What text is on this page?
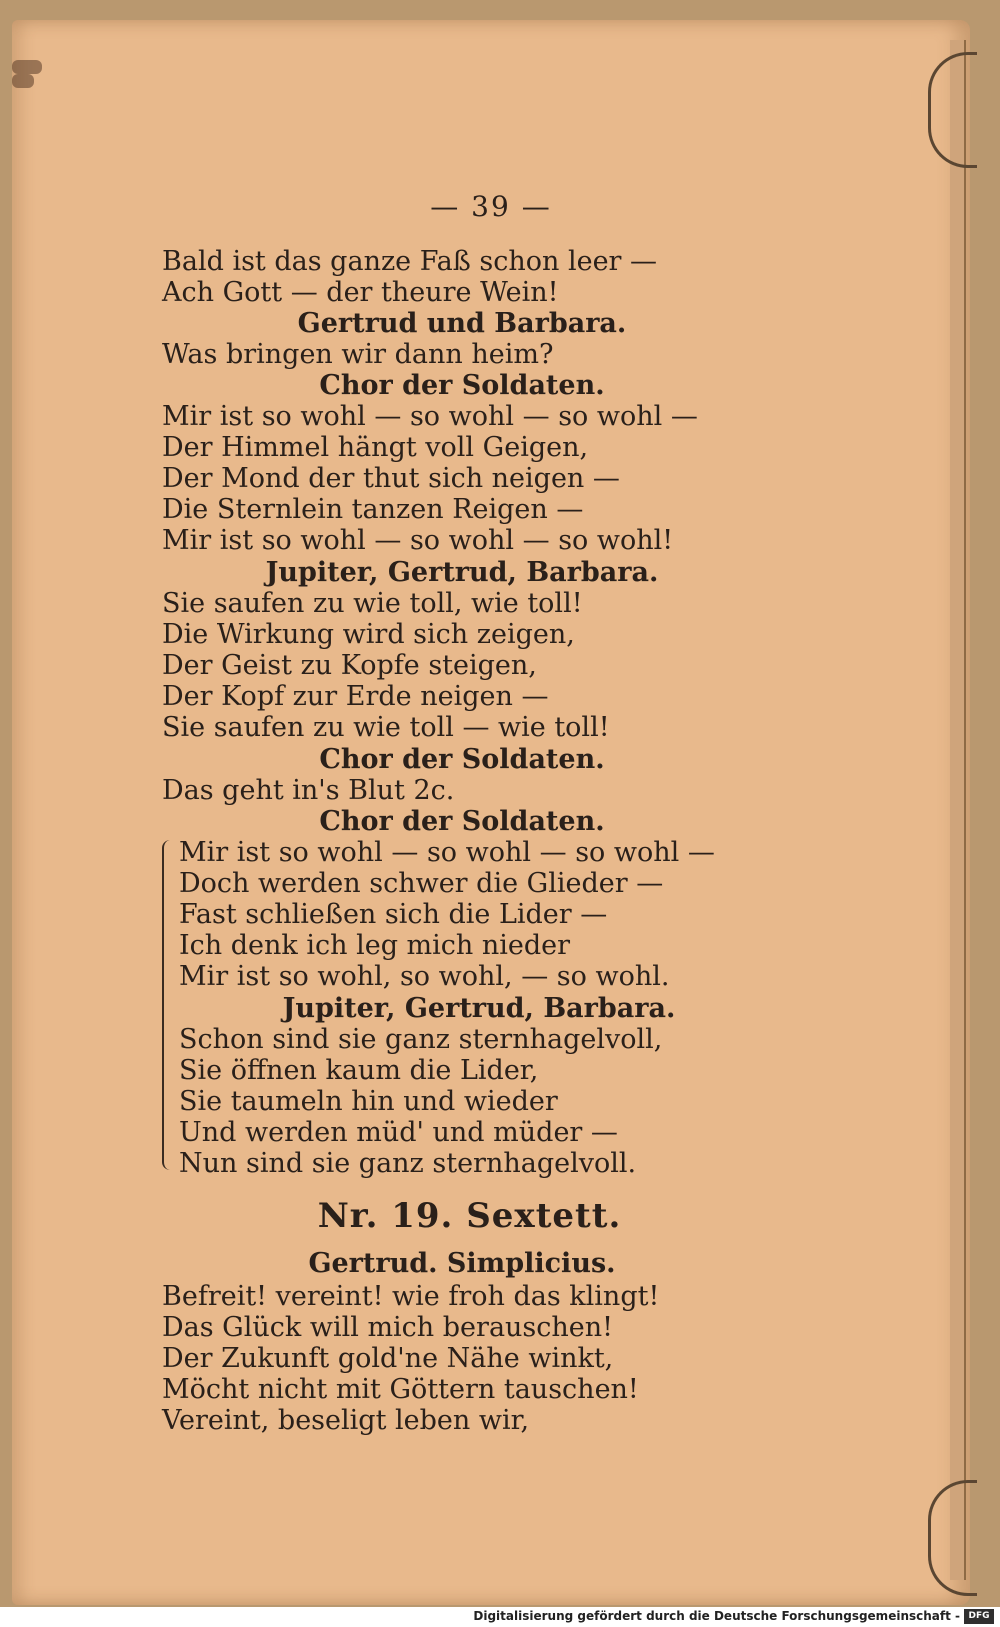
— 39 —
Bald ist das ganze Faß schon leer —
Ach Gott — der theure Wein!
Gertrud und Barbara.
Was bringen wir dann heim?
Chor der Soldaten.
Mir ist so wohl — so wohl — so wohl —
Der Himmel hängt voll Geigen,
Der Mond der thut sich neigen —
Die Sternlein tanzen Reigen —
Mir ist so wohl — so wohl — so wohl!
Jupiter, Gertrud, Barbara.
Sie saufen zu wie toll, wie toll!
Die Wirkung wird sich zeigen,
Der Geist zu Kopfe steigen,
Der Kopf zur Erde neigen —
Sie saufen zu wie toll — wie toll!
Chor der Soldaten.
Das geht in's Blut 2c.
Chor der Soldaten.
Mir ist so wohl — so wohl — so wohl —
Doch werden schwer die Glieder —
Fast schließen sich die Lider —
Ich denk ich leg mich nieder
Mir ist so wohl, so wohl, — so wohl.
Jupiter, Gertrud, Barbara.
Schon sind sie ganz sternhagelvoll,
Sie öffnen kaum die Lider,
Sie taumeln hin und wieder
Und werden müd' und müder —
Nun sind sie ganz sternhagelvoll.
Nr. 19. Sextett.
Gertrud. Simplicius.
Befreit! vereint! wie froh das klingt!
Das Glück will mich berauschen!
Der Zukunft gold'ne Nähe winkt,
Möcht nicht mit Göttern tauschen!
Vereint, beseligt leben wir,
Digitalisierung gefördert durch die Deutsche Forschungsgemeinschaft - DFG
